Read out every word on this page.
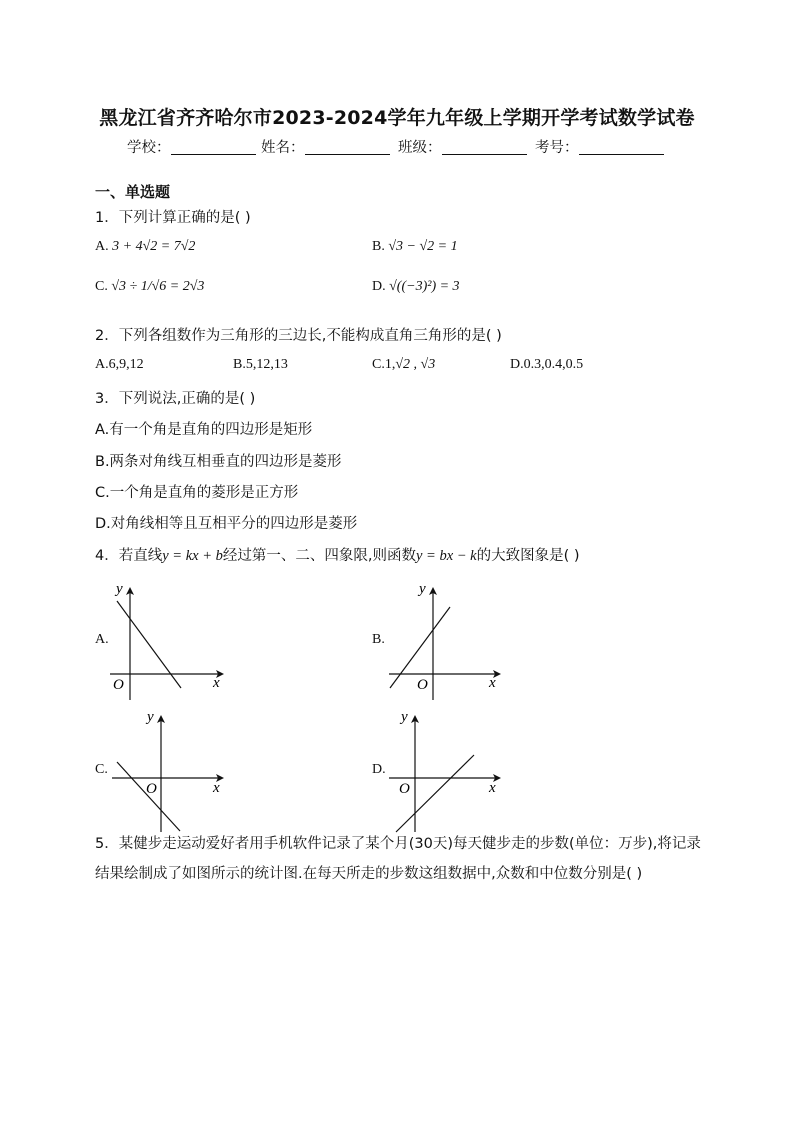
黑龙江省齐齐哈尔市2023-2024学年九年级上学期开学考试数学试卷
学校：	姓名：	班级：	考号：
一、单选题
1．下列计算正确的是( )
A. 3 + 4√2 = 7√2	B. √3 − √2 = 1
C. √3 ÷ 1/√6 = 2√3	D. √((−3)²) = 3
2．下列各组数作为三角形的三边长,不能构成直角三角形的是( )
A.6,9,12	B.5,12,13	C.1,√2 , √3	D.0.3,0.4,0.5
3．下列说法,正确的是( )
A.有一个角是直角的四边形是矩形
B.两条对角线互相垂直的四边形是菱形
C.一个角是直角的菱形是正方形
D.对角线相等且互相平分的四边形是菱形
4．若直线y = kx + b经过第一、二、四象限,则函数y = bx − k的大致图象是( )
A.	B.
C.	D.
y
x
O
y
x
O
y
x
O
y
x
O
5．某健步走运动爱好者用手机软件记录了某个月(30天)每天健步走的步数(单位：万步),将记录结果绘制成了如图所示的统计图.在每天所走的步数这组数据中,众数和中位数分别是( )
